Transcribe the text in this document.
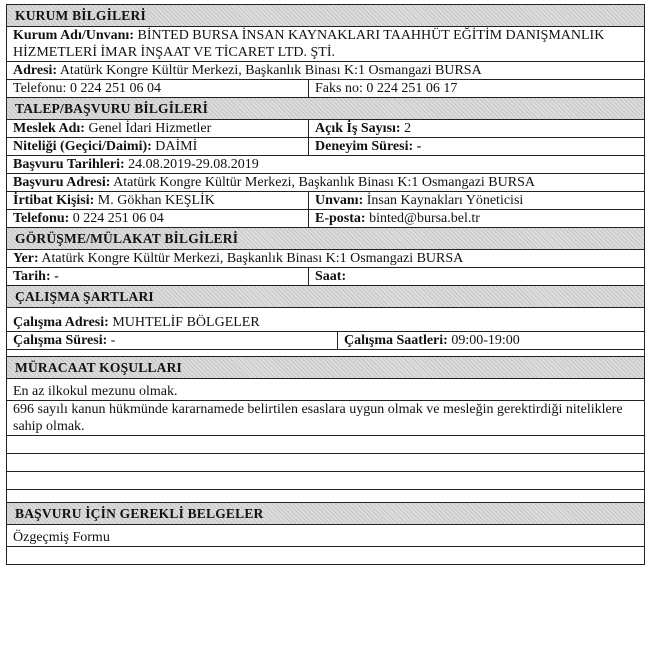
KURUM BİLGİLERİ
Kurum Adı/Unvanı: BİNTED BURSA İNSAN KAYNAKLARI TAAHHÜT EĞİTİM DANIŞMANLIK HİZMETLERİ İMAR İNŞAAT VE TİCARET LTD. ŞTİ.
Adresi: Atatürk Kongre Kültür Merkezi, Başkanlık Binası K:1 Osmangazi BURSA
Telefonu: 0 224 251 06 04	Faks no: 0 224 251 06 17
TALEP/BAŞVURU BİLGİLERİ
Meslek Adı: Genel İdari Hizmetler	Açık İş Sayısı: 2
Niteliği (Geçici/Daimi): DAİMİ	Deneyim Süresi: -
Başvuru Tarihleri: 24.08.2019-29.08.2019
Başvuru Adresi: Atatürk Kongre Kültür Merkezi, Başkanlık Binası K:1 Osmangazi BURSA
İrtibat Kişisi: M. Gökhan KEŞLİK	Unvanı: İnsan Kaynakları Yöneticisi
Telefonu: 0 224 251 06 04	E-posta: binted@bursa.bel.tr
GÖRÜŞME/MÜLAKAT BİLGİLERİ
Yer: Atatürk Kongre Kültür Merkezi, Başkanlık Binası K:1 Osmangazi BURSA
Tarih: -	Saat:
ÇALIŞMA ŞARTLARI
Çalışma Adresi: MUHTELİF BÖLGELER
Çalışma Süresi: -	Çalışma Saatleri: 09:00-19:00
MÜRACAAT KOŞULLARI
En az ilkokul mezunu olmak.
696 sayılı kanun hükmünde kararnamede belirtilen esaslara uygun olmak ve mesleğin gerektirdiği niteliklere sahip olmak.
BAŞVURU İÇİN GEREKLİ BELGELER
Özgeçmiş Formu
